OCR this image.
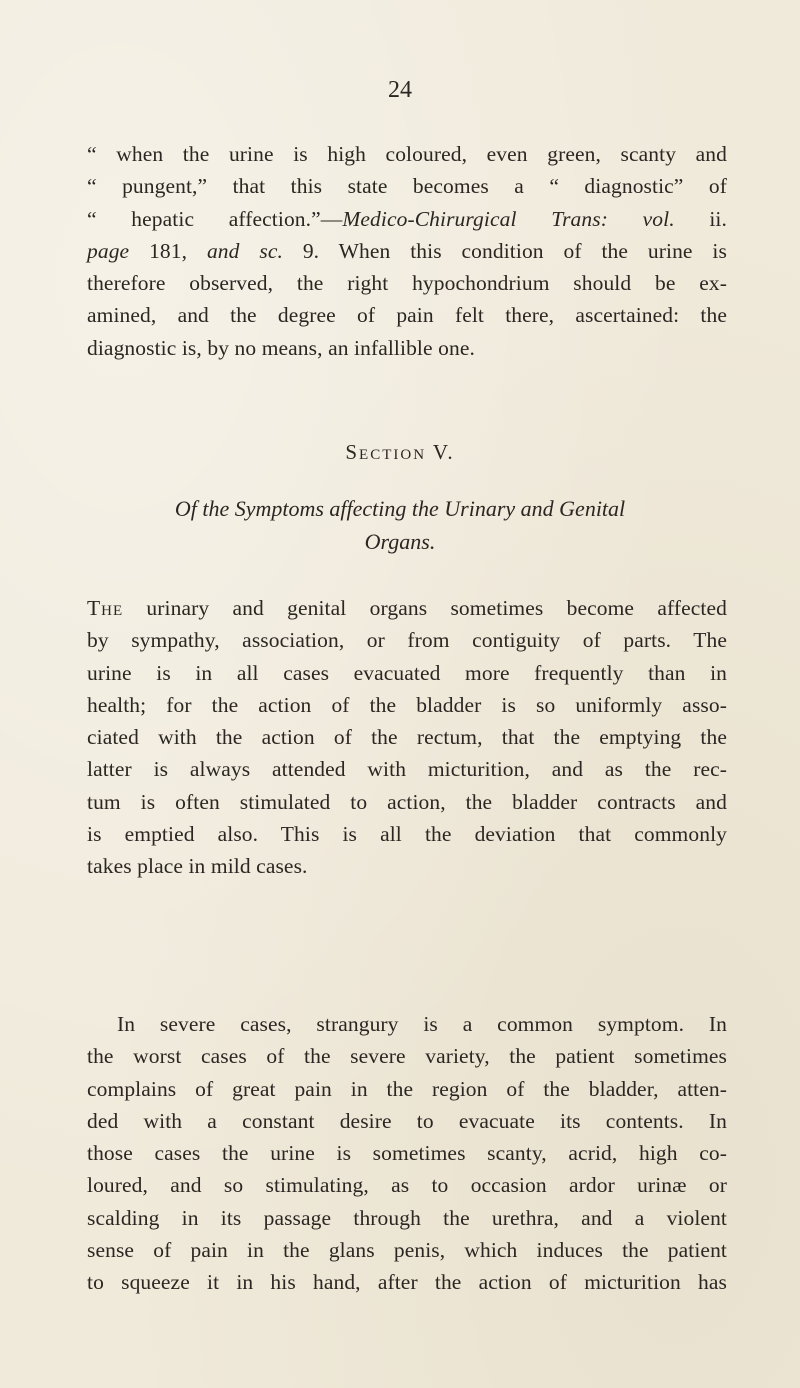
24
“ when the urine is high coloured, even green, scanty and
“ pungent,” that this state becomes a “ diagnostic” of
“ hepatic affection.”—Medico-Chirurgical Trans: vol. ii.
page 181, and sc. 9. When this condition of the urine is
therefore observed, the right hypochondrium should be ex-
amined, and the degree of pain felt there, ascertained: the
diagnostic is, by no means, an infallible one.
Section V.
Of the Symptoms affecting the Urinary and Genital
Organs.
The urinary and genital organs sometimes become affected
by sympathy, association, or from contiguity of parts. The
urine is in all cases evacuated more frequently than in
health; for the action of the bladder is so uniformly asso-
ciated with the action of the rectum, that the emptying the
latter is always attended with micturition, and as the rec-
tum is often stimulated to action, the bladder contracts and
is emptied also. This is all the deviation that commonly
takes place in mild cases.
In severe cases, strangury is a common symptom. In
the worst cases of the severe variety, the patient sometimes
complains of great pain in the region of the bladder, atten-
ded with a constant desire to evacuate its contents. In
those cases the urine is sometimes scanty, acrid, high co-
loured, and so stimulating, as to occasion ardor urinæ or
scalding in its passage through the urethra, and a violent
sense of pain in the glans penis, which induces the patient
to squeeze it in his hand, after the action of micturition has
